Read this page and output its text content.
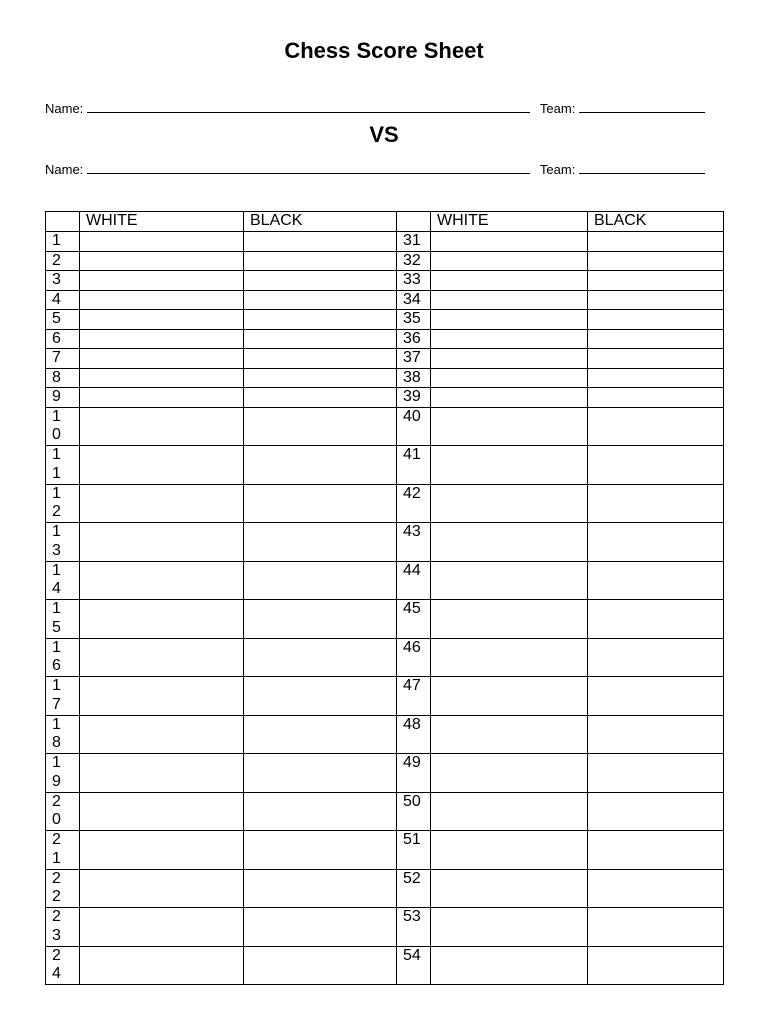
Chess Score Sheet
Name:	Team:
VS
Name:	Team:
	WHITE	BLACK		WHITE	BLACK

1			31		

2			32		

3			33		

4			34		

5			35		

6			36		

7			37		

8			38		

9			39		

10			40		

11			41		

12			42		

13			43		

14			44		

15			45		

16			46		

17			47		

18			48		

19			49		

20			50		

21			51		

22			52		

23			53		

24			54		
